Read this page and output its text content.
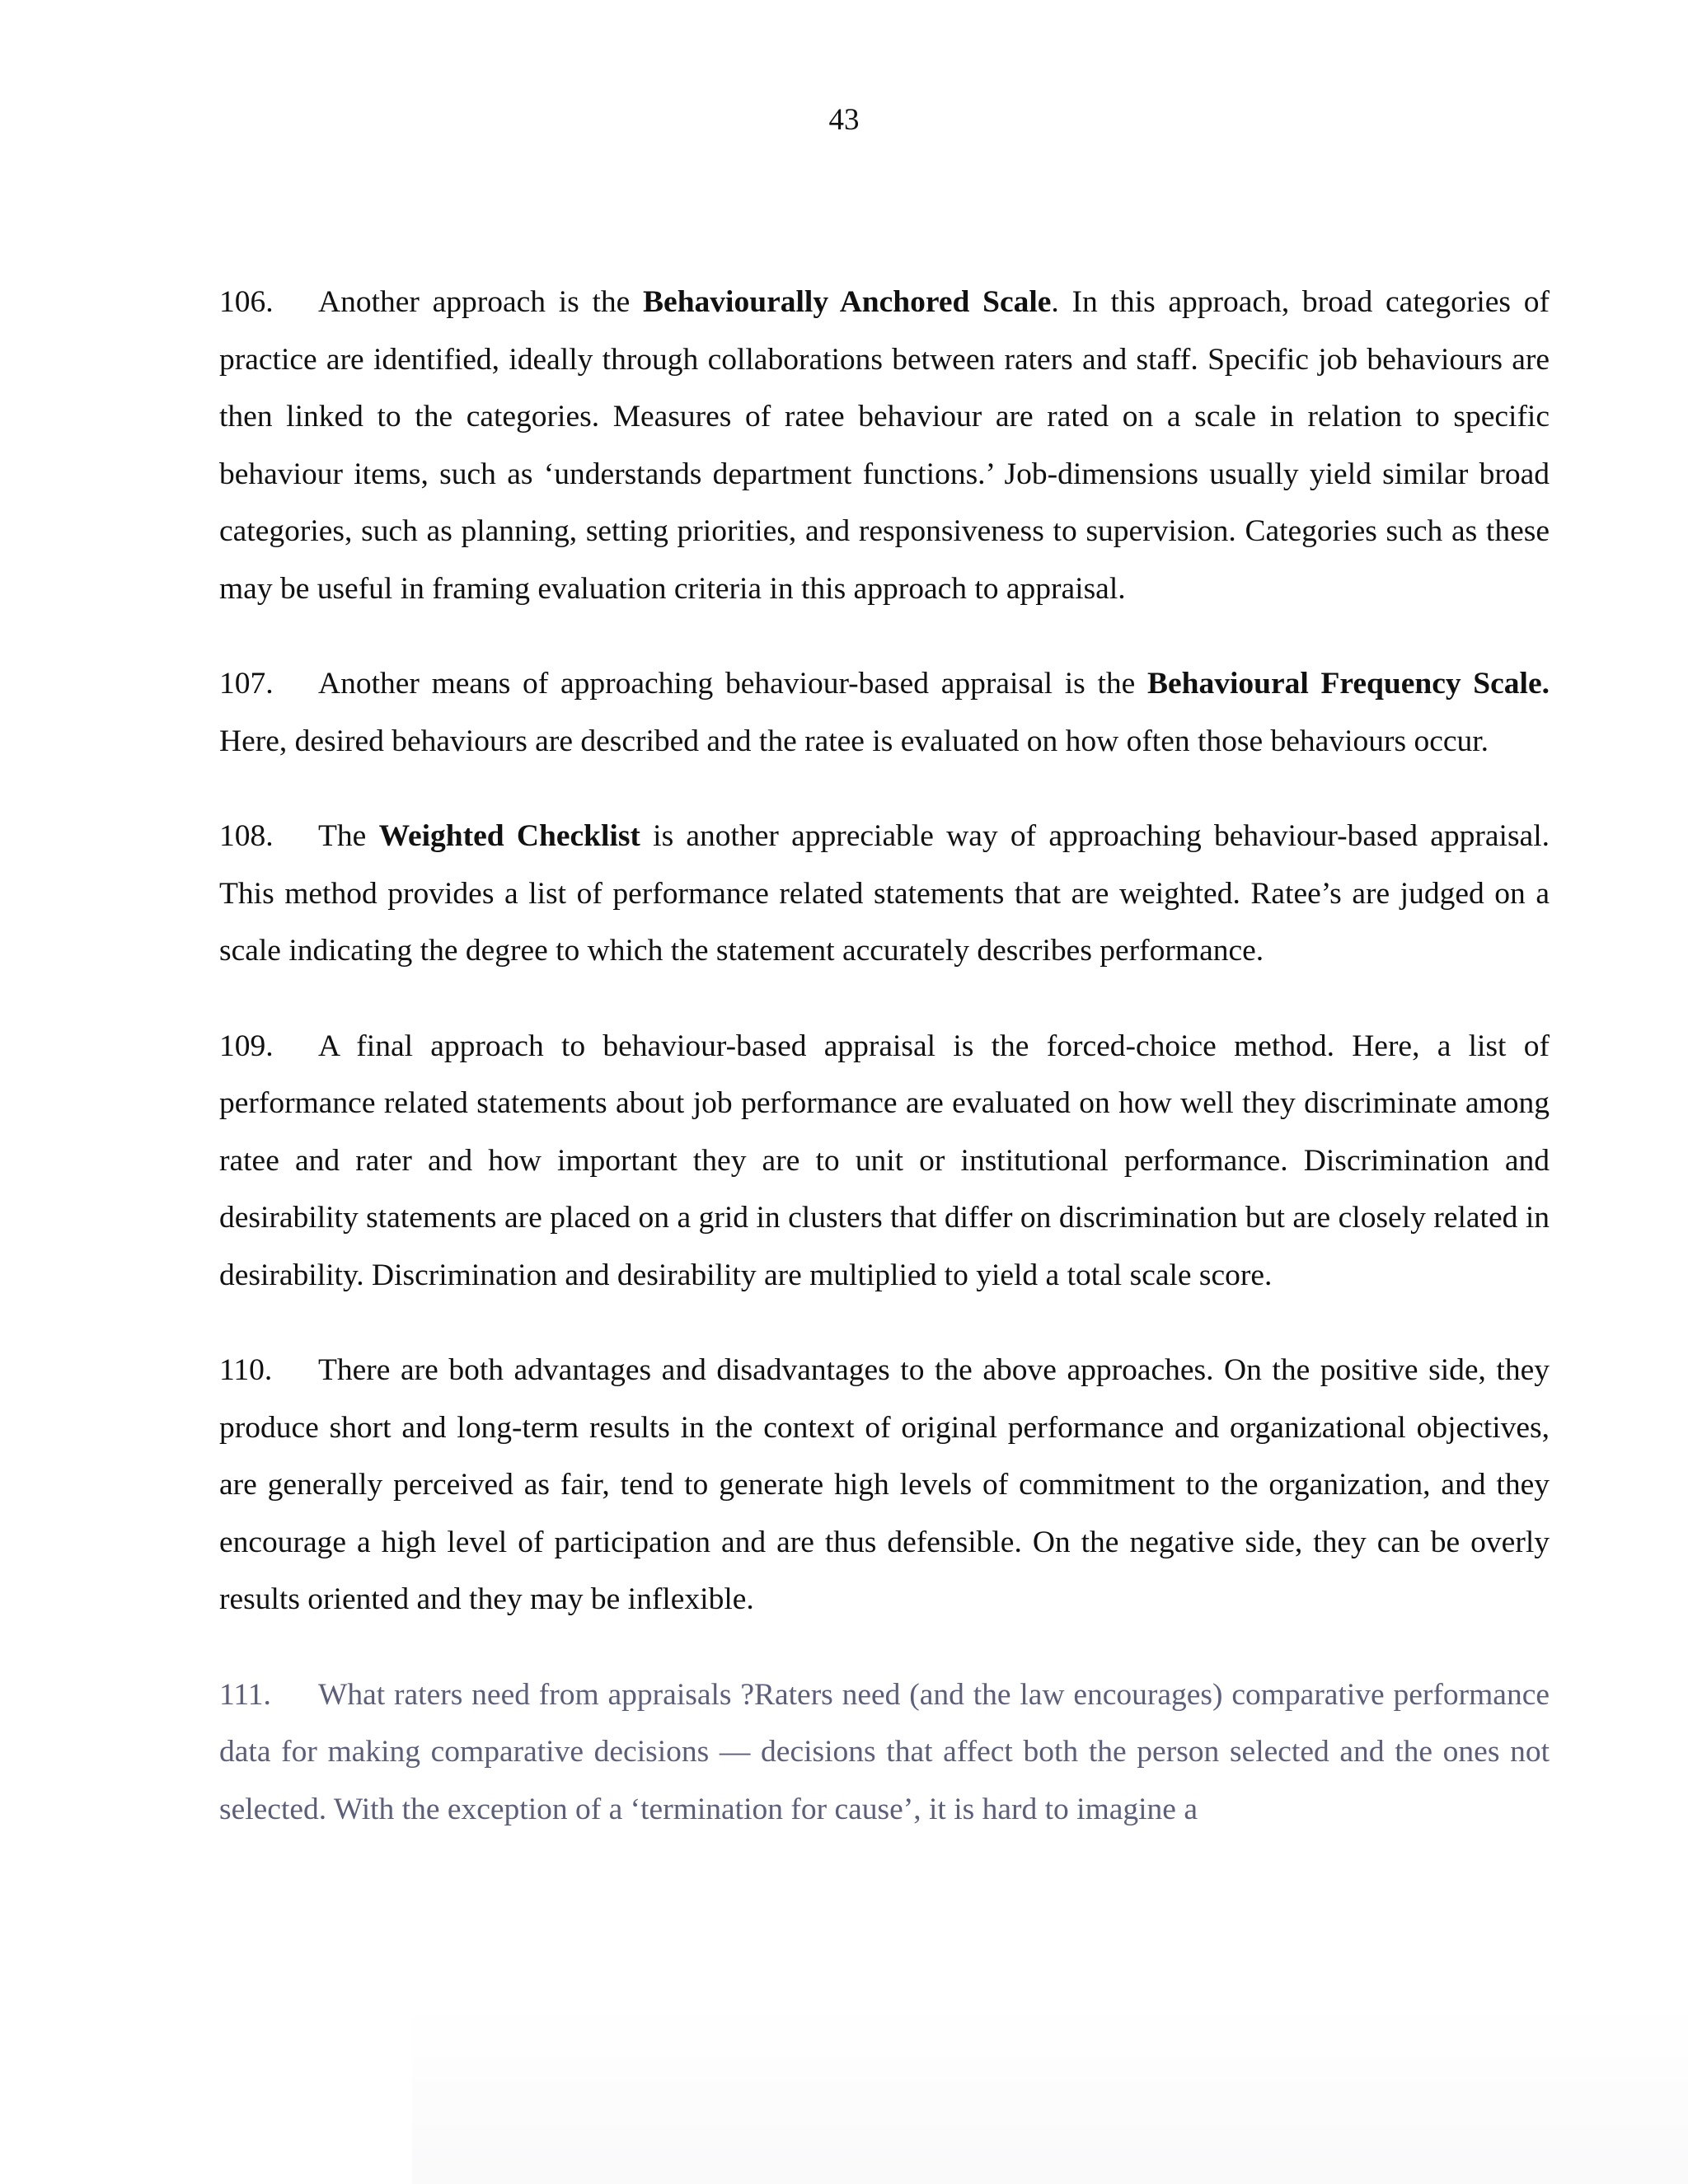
43

106. Another approach is the Behaviourally Anchored Scale. In this approach, broad categories of practice are identified, ideally through collaborations between raters and staff. Specific job behaviours are then linked to the categories. Measures of ratee behaviour are rated on a scale in relation to specific behaviour items, such as ‘understands department functions.’ Job-dimensions usually yield similar broad categories, such as planning, setting priorities, and responsiveness to supervision. Categories such as these may be useful in framing evaluation criteria in this approach to appraisal.

107. Another means of approaching behaviour-based appraisal is the Behavioural Frequency Scale. Here, desired behaviours are described and the ratee is evaluated on how often those behaviours occur.

108. The Weighted Checklist is another appreciable way of approaching behaviour-based appraisal. This method provides a list of performance related statements that are weighted. Ratee’s are judged on a scale indicating the degree to which the statement accurately describes performance.

109. A final approach to behaviour-based appraisal is the forced-choice method. Here, a list of performance related statements about job performance are evaluated on how well they discriminate among ratee and rater and how important they are to unit or institutional performance. Discrimination and desirability statements are placed on a grid in clusters that differ on discrimination but are closely related in desirability. Discrimination and desirability are multiplied to yield a total scale score.

110. There are both advantages and disadvantages to the above approaches. On the positive side, they produce short and long-term results in the context of original performance and organizational objectives, are generally perceived as fair, tend to generate high levels of commitment to the organization, and they encourage a high level of participation and are thus defensible. On the negative side, they can be overly results oriented and they may be inflexible.

111. What raters need from appraisals ?Raters need (and the law encourages) comparative performance data for making comparative decisions — decisions that affect both the person selected and the ones not selected. With the exception of a ‘termination for cause’, it is hard to imagine a
